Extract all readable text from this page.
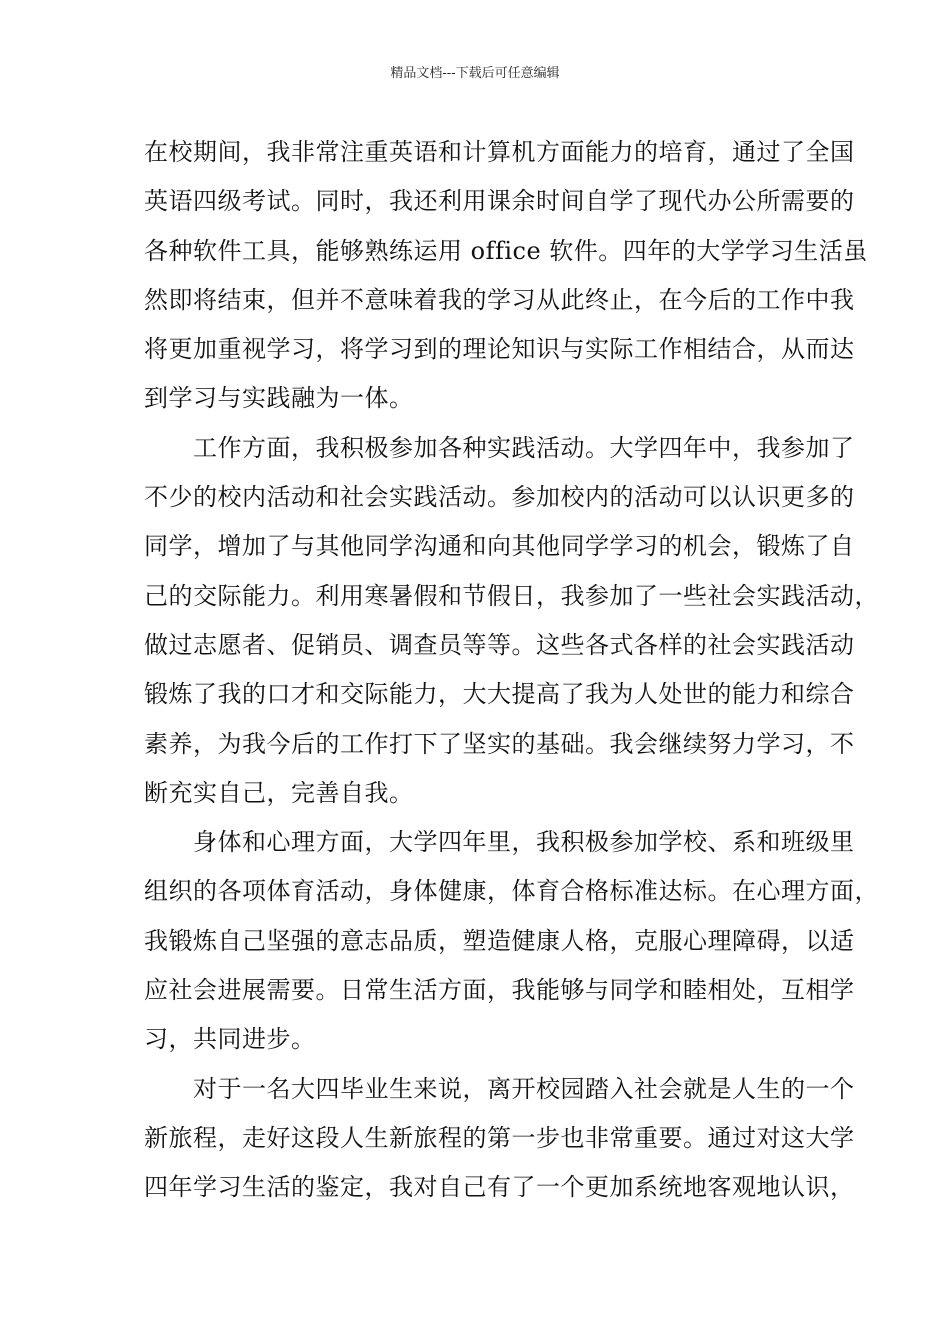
精品文档---下载后可任意编辑
在校期间，我非常注重英语和计算机方面能力的培育，通过了全国
英语四级考试。同时，我还利用课余时间自学了现代办公所需要的
各种软件工具，能够熟练运用 office 软件。四年的大学学习生活虽
然即将结束，但并不意味着我的学习从此终止，在今后的工作中我
将更加重视学习，将学习到的理论知识与实际工作相结合，从而达
到学习与实践融为一体。
　　工作方面，我积极参加各种实践活动。大学四年中，我参加了
不少的校内活动和社会实践活动。参加校内的活动可以认识更多的
同学，增加了与其他同学沟通和向其他同学学习的机会，锻炼了自
己的交际能力。利用寒暑假和节假日，我参加了一些社会实践活动，
做过志愿者、促销员、调查员等等。这些各式各样的社会实践活动
锻炼了我的口才和交际能力，大大提高了我为人处世的能力和综合
素养，为我今后的工作打下了坚实的基础。我会继续努力学习，不
断充实自己，完善自我。
　　身体和心理方面，大学四年里，我积极参加学校、系和班级里
组织的各项体育活动，身体健康，体育合格标准达标。在心理方面，
我锻炼自己坚强的意志品质，塑造健康人格，克服心理障碍，以适
应社会进展需要。日常生活方面，我能够与同学和睦相处，互相学
习，共同进步。
　　对于一名大四毕业生来说，离开校园踏入社会就是人生的一个
新旅程，走好这段人生新旅程的第一步也非常重要。通过对这大学
四年学习生活的鉴定，我对自己有了一个更加系统地客观地认识，
